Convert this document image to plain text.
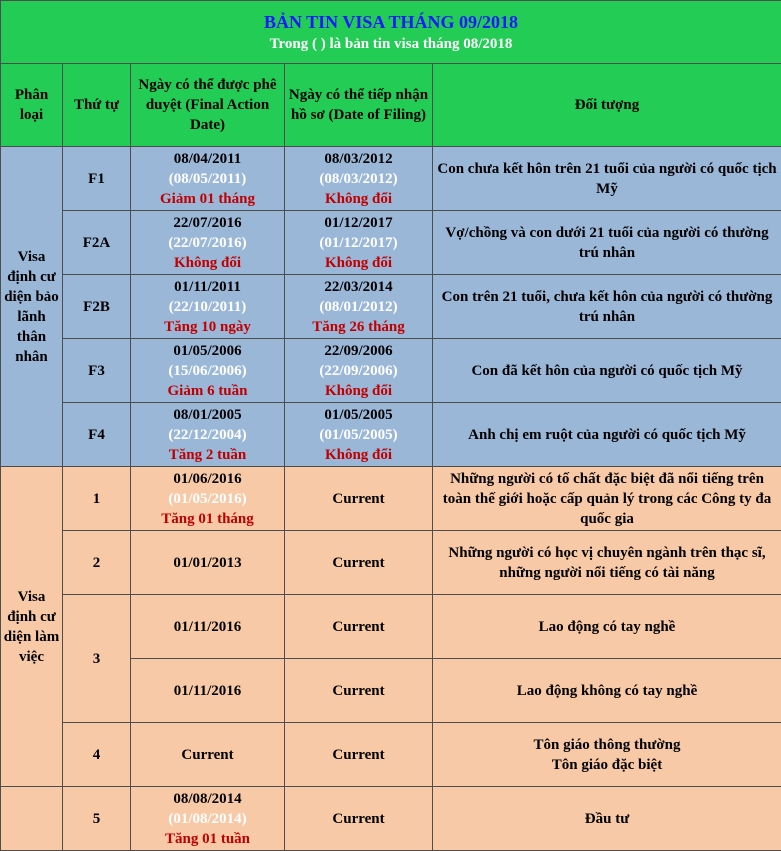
BẢN TIN VISA THÁNG 09/2018
Trong ( ) là bản tin visa tháng 08/2018				

Phân loại	Thứ tự	Ngày có thể được phê duyệt (Final Action Date)	Ngày có thể tiếp nhận hồ sơ (Date of Filing)	Đối tượng
Visa định cư diện bảo lãnh thân nhân	F1	08/04/2011
(08/05/2011)
Giảm 01 tháng	08/03/2012
(08/03/2012)
Không đổi	Con chưa kết hôn trên 21 tuổi của người có quốc tịch Mỹ
	F2A	22/07/2016
(22/07/2016)
Không đổi	01/12/2017
(01/12/2017)
Không đổi	Vợ/chồng và con dưới 21 tuổi của người có thường trú nhân
	F2B	01/11/2011
(22/10/2011)
Tăng 10 ngày	22/03/2014
(08/01/2012)
Tăng 26 tháng	Con trên 21 tuổi, chưa kết hôn của người có thường trú nhân
	F3	01/05/2006
(15/06/2006)
Giảm 6 tuần	22/09/2006
(22/09/2006)
Không đổi	Con đã kết hôn của người có quốc tịch Mỹ
	F4	08/01/2005
(22/12/2004)
Tăng 2 tuần	01/05/2005
(01/05/2005)
Không đổi	Anh chị em ruột của người có quốc tịch Mỹ
Visa định cư diện làm việc	1	01/06/2016
(01/05/2016)
Tăng 01 tháng	Current	Những người có tố chất đặc biệt đã nổi tiếng trên toàn thế giới hoặc cấp quản lý trong các Công ty đa quốc gia
	2	01/01/2013	Current	Những người có học vị chuyên ngành trên thạc sĩ, những người nổi tiếng có tài năng
	3	01/11/2016	Current	Lao động có tay nghề
		01/11/2016	Current	Lao động không có tay nghề
	4	Current	Current	Tôn giáo thông thường
Tôn giáo đặc biệt

	5	08/08/2014
(01/08/2014)
Tăng 01 tuần	Current	Đầu tư
